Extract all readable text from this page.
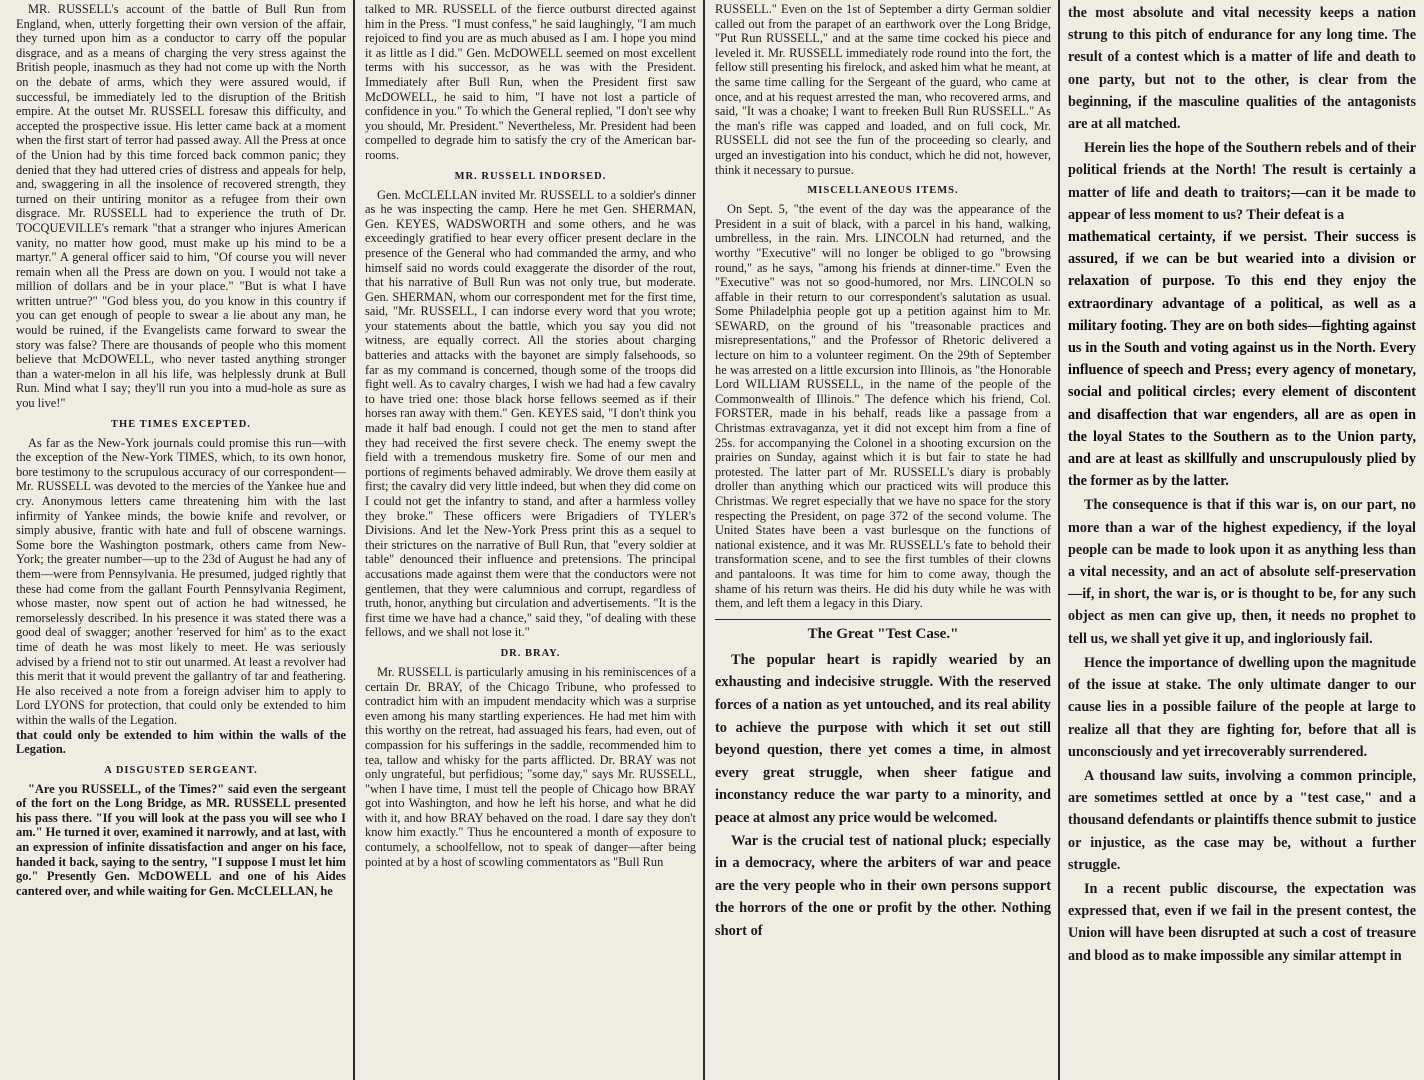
MR. RUSSELL's account of the battle of Bull Run from England, when, utterly forgetting their own version of the affair, they turned upon him as a conductor to carry off the popular disgrace, and as a means of charging the very stress against the British people, inasmuch as they had not come up with the North on the debate of arms, which they were assured would, if successful, be immediately led to the disruption of the British empire. At the outset Mr. RUSSELL foresaw this difficulty, and accepted the prospective issue. His letter came back at a moment when the first start of terror had passed away. All the Press at once of the Union had by this time forced back common panic; they denied that they had uttered cries of distress and appeals for help, and, swaggering in all the insolence of recovered strength, they turned on their untiring monitor as a refugee from their own disgrace. Mr. RUSSELL had to experience the truth of Dr. TOCQUEVILLE's remark "that a stranger who injures American vanity, no matter how good, must make up his mind to be a martyr." A general officer said to him, "Of course you will never remain when all the Press are down on you. I would not take a million of dollars and be in your place." "But is what I have written untrue?" "God bless you, do you know in this country if you can get enough of people to swear a lie about any man, he would be ruined, if the Evangelists came forward to swear the story was false? There are thousands of people who this moment believe that McDOWELL, who never tasted anything stronger than a water-melon in all his life, was helplessly drunk at Bull Run. Mind what I say; they'll run you into a mud-hole as sure as you live!"

THE TIMES EXCEPTED.

As far as the New-York journals could promise this run—with the exception of the New-York TIMES, which, to its own honor, bore testimony to the scrupulous accuracy of our correspondent—Mr. RUSSELL was devoted to the mercies of the Yankee hue and cry. Anonymous letters came threatening him with the last infirmity of Yankee minds, the bowie knife and revolver, or simply abusive, frantic with hate and full of obscene warnings. Some bore the Washington postmark, others came from New-York; the greater number—up to the 23d of August he had any of them—were from Pennsylvania. He presumed, judged rightly that these had come from the gallant Fourth Pennsylvania Regiment, whose master, now spent out of action he had witnessed, he remorselessly described. In his presence it was stated there was a good deal of swagger; another 'reserved for him' as to the exact time of death he was most likely to meet. He was seriously advised by a friend not to stir out unarmed. At least a revolver had this merit that it would prevent the gallantry of tar and feathering. He also received a note from a foreign adviser him to apply to Lord LYONS for protection, that could only be extended to him within the walls of the Legation.

that could only be extended to him within the walls of the Legation.

A DISGUSTED SERGEANT.

"Are you RUSSELL, of the Times?" said even the sergeant of the fort on the Long Bridge, as MR. RUSSELL presented his pass there. "If you will look at the pass you will see who I am." He turned it over, examined it narrowly, and at last, with an expression of infinite dissatisfaction and anger on his face, handed it back, saying to the sentry, "I suppose I must let him go." Presently Gen. McDOWELL and one of his Aides cantered over, and while waiting for Gen. McCLELLAN, he

talked to MR. RUSSELL of the fierce outburst directed against him in the Press. "I must confess," he said laughingly, "I am much rejoiced to find you are as much abused as I am. I hope you mind it as little as I did." Gen. McDOWELL seemed on most excellent terms with his successor, as he was with the President. Immediately after Bull Run, when the President first saw McDOWELL, he said to him, "I have not lost a particle of confidence in you." To which the General replied, "I don't see why you should, Mr. President." Nevertheless, Mr. President had been compelled to degrade him to satisfy the cry of the American bar-rooms.

MR. RUSSELL INDORSED.

Gen. McCLELLAN invited Mr. RUSSELL to a soldier's dinner as he was inspecting the camp. Here he met Gen. SHERMAN, Gen. KEYES, WADSWORTH and some others, and he was exceedingly gratified to hear every officer present declare in the presence of the General who had commanded the army, and who himself said no words could exaggerate the disorder of the rout, that his narrative of Bull Run was not only true, but moderate. Gen. SHERMAN, whom our correspondent met for the first time, said, "Mr. RUSSELL, I can indorse every word that you wrote; your statements about the battle, which you say you did not witness, are equally correct. All the stories about charging batteries and attacks with the bayonet are simply falsehoods, so far as my command is concerned, though some of the troops did fight well. As to cavalry charges, I wish we had had a few cavalry to have tried one: those black horse fellows seemed as if their horses ran away with them." Gen. KEYES said, "I don't think you made it half bad enough. I could not get the men to stand after they had received the first severe check. The enemy swept the field with a tremendous musketry fire. Some of our men and portions of regiments behaved admirably. We drove them easily at first; the cavalry did very little indeed, but when they did come on I could not get the infantry to stand, and after a harmless volley they broke." These officers were Brigadiers of TYLER's Divisions. And let the New-York Press print this as a sequel to their strictures on the narrative of Bull Run, that "every soldier at table" denounced their influence and pretensions. The principal accusations made against them were that the conductors were not gentlemen, that they were calumnious and corrupt, regardless of truth, honor, anything but circulation and advertisements. "It is the first time we have had a chance," said they, "of dealing with these fellows, and we shall not lose it."

DR. BRAY.

Mr. RUSSELL is particularly amusing in his reminiscences of a certain Dr. BRAY, of the Chicago Tribune, who professed to contradict him with an impudent mendacity which was a surprise even among his many startling experiences. He had met him with this worthy on the retreat, had assuaged his fears, had even, out of compassion for his sufferings in the saddle, recommended him to tea, tallow and whisky for the parts afflicted. Dr. BRAY was not only ungrateful, but perfidious; "some day," says Mr. RUSSELL, "when I have time, I must tell the people of Chicago how BRAY got into Washington, and how he left his horse, and what he did with it, and how BRAY behaved on the road. I dare say they don't know him exactly." Thus he encountered a month of exposure to contumely, a schoolfellow, not to speak of danger—after being pointed at by a host of scowling commentators as "Bull Run

RUSSELL." Even on the 1st of September a dirty German soldier called out from the parapet of an earthwork over the Long Bridge, "Put Run RUSSELL," and at the same time cocked his piece and leveled it. Mr. RUSSELL immediately rode round into the fort, the fellow still presenting his firelock, and asked him what he meant, at the same time calling for the Sergeant of the guard, who came at once, and at his request arrested the man, who recovered arms, and said, "It was a choake; I want to freeken Bull Run RUSSELL." As the man's rifle was capped and loaded, and on full cock, Mr. RUSSELL did not see the fun of the proceeding so clearly, and urged an investigation into his conduct, which he did not, however, think it necessary to pursue.

MISCELLANEOUS ITEMS.

On Sept. 5, "the event of the day was the appearance of the President in a suit of black, with a parcel in his hand, walking, umbrelless, in the rain. Mrs. LINCOLN had returned, and the worthy "Executive" will no longer be obliged to go "browsing round," as he says, "among his friends at dinner-time." Even the "Executive" was not so good-humored, nor Mrs. LINCOLN so affable in their return to our correspondent's salutation as usual. Some Philadelphia people got up a petition against him to Mr. SEWARD, on the ground of his "treasonable practices and misrepresentations," and the Professor of Rhetoric delivered a lecture on him to a volunteer regiment. On the 29th of September he was arrested on a little excursion into Illinois, as "the Honorable Lord WILLIAM RUSSELL, in the name of the people of the Commonwealth of Illinois." The defence which his friend, Col. FORSTER, made in his behalf, reads like a passage from a Christmas extravaganza, yet it did not except him from a fine of 25s. for accompanying the Colonel in a shooting excursion on the prairies on Sunday, against which it is but fair to state he had protested. The latter part of Mr. RUSSELL's diary is probably droller than anything which our practiced wits will produce this Christmas. We regret especially that we have no space for the story respecting the President, on page 372 of the second volume. The United States have been a vast burlesque on the functions of national existence, and it was Mr. RUSSELL's fate to behold their transformation scene, and to see the first tumbles of their clowns and pantaloons. It was time for him to come away, though the shame of his return was theirs. He did his duty while he was with them, and left them a legacy in this Diary.

The Great "Test Case."

The popular heart is rapidly wearied by an exhausting and indecisive struggle. With the reserved forces of a nation as yet untouched, and its real ability to achieve the purpose with which it set out still beyond question, there yet comes a time, in almost every great struggle, when sheer fatigue and inconstancy reduce the war party to a minority, and peace at almost any price would be welcomed.

War is the crucial test of national pluck; especially in a democracy, where the arbiters of war and peace are the very people who in their own persons support the horrors of the one or profit by the other. Nothing short of

the most absolute and vital necessity keeps a nation strung to this pitch of endurance for any long time. The result of a contest which is a matter of life and death to one party, but not to the other, is clear from the beginning, if the masculine qualities of the antagonists are at all matched.

Herein lies the hope of the Southern rebels and of their political friends at the North! The result is certainly a matter of life and death to traitors;—can it be made to appear of less moment to us? Their defeat is a

mathematical certainty, if we persist. Their success is assured, if we can be but wearied into a division or relaxation of purpose. To this end they enjoy the extraordinary advantage of a political, as well as a military footing. They are on both sides—fighting against us in the South and voting against us in the North. Every influence of speech and Press; every agency of monetary, social and political circles; every element of discontent and disaffection that war engenders, all are as open in the loyal States to the Southern as to the Union party, and are at least as skillfully and unscrupulously plied by the former as by the latter.

The consequence is that if this war is, on our part, no more than a war of the highest expediency, if the loyal people can be made to look upon it as anything less than a vital necessity, and an act of absolute self-preservation—if, in short, the war is, or is thought to be, for any such object as men can give up, then, it needs no prophet to tell us, we shall yet give it up, and ingloriously fail.

Hence the importance of dwelling upon the magnitude of the issue at stake. The only ultimate danger to our cause lies in a possible failure of the people at large to realize all that they are fighting for, before that all is unconsciously and yet irrecoverably surrendered.

A thousand law suits, involving a common principle, are sometimes settled at once by a "test case," and a thousand defendants or plaintiffs thence submit to justice or injustice, as the case may be, without a further struggle.

In a recent public discourse, the expectation was expressed that, even if we fail in the present contest, the Union will have been disrupted at such a cost of treasure and blood as to make impossible any similar attempt in
